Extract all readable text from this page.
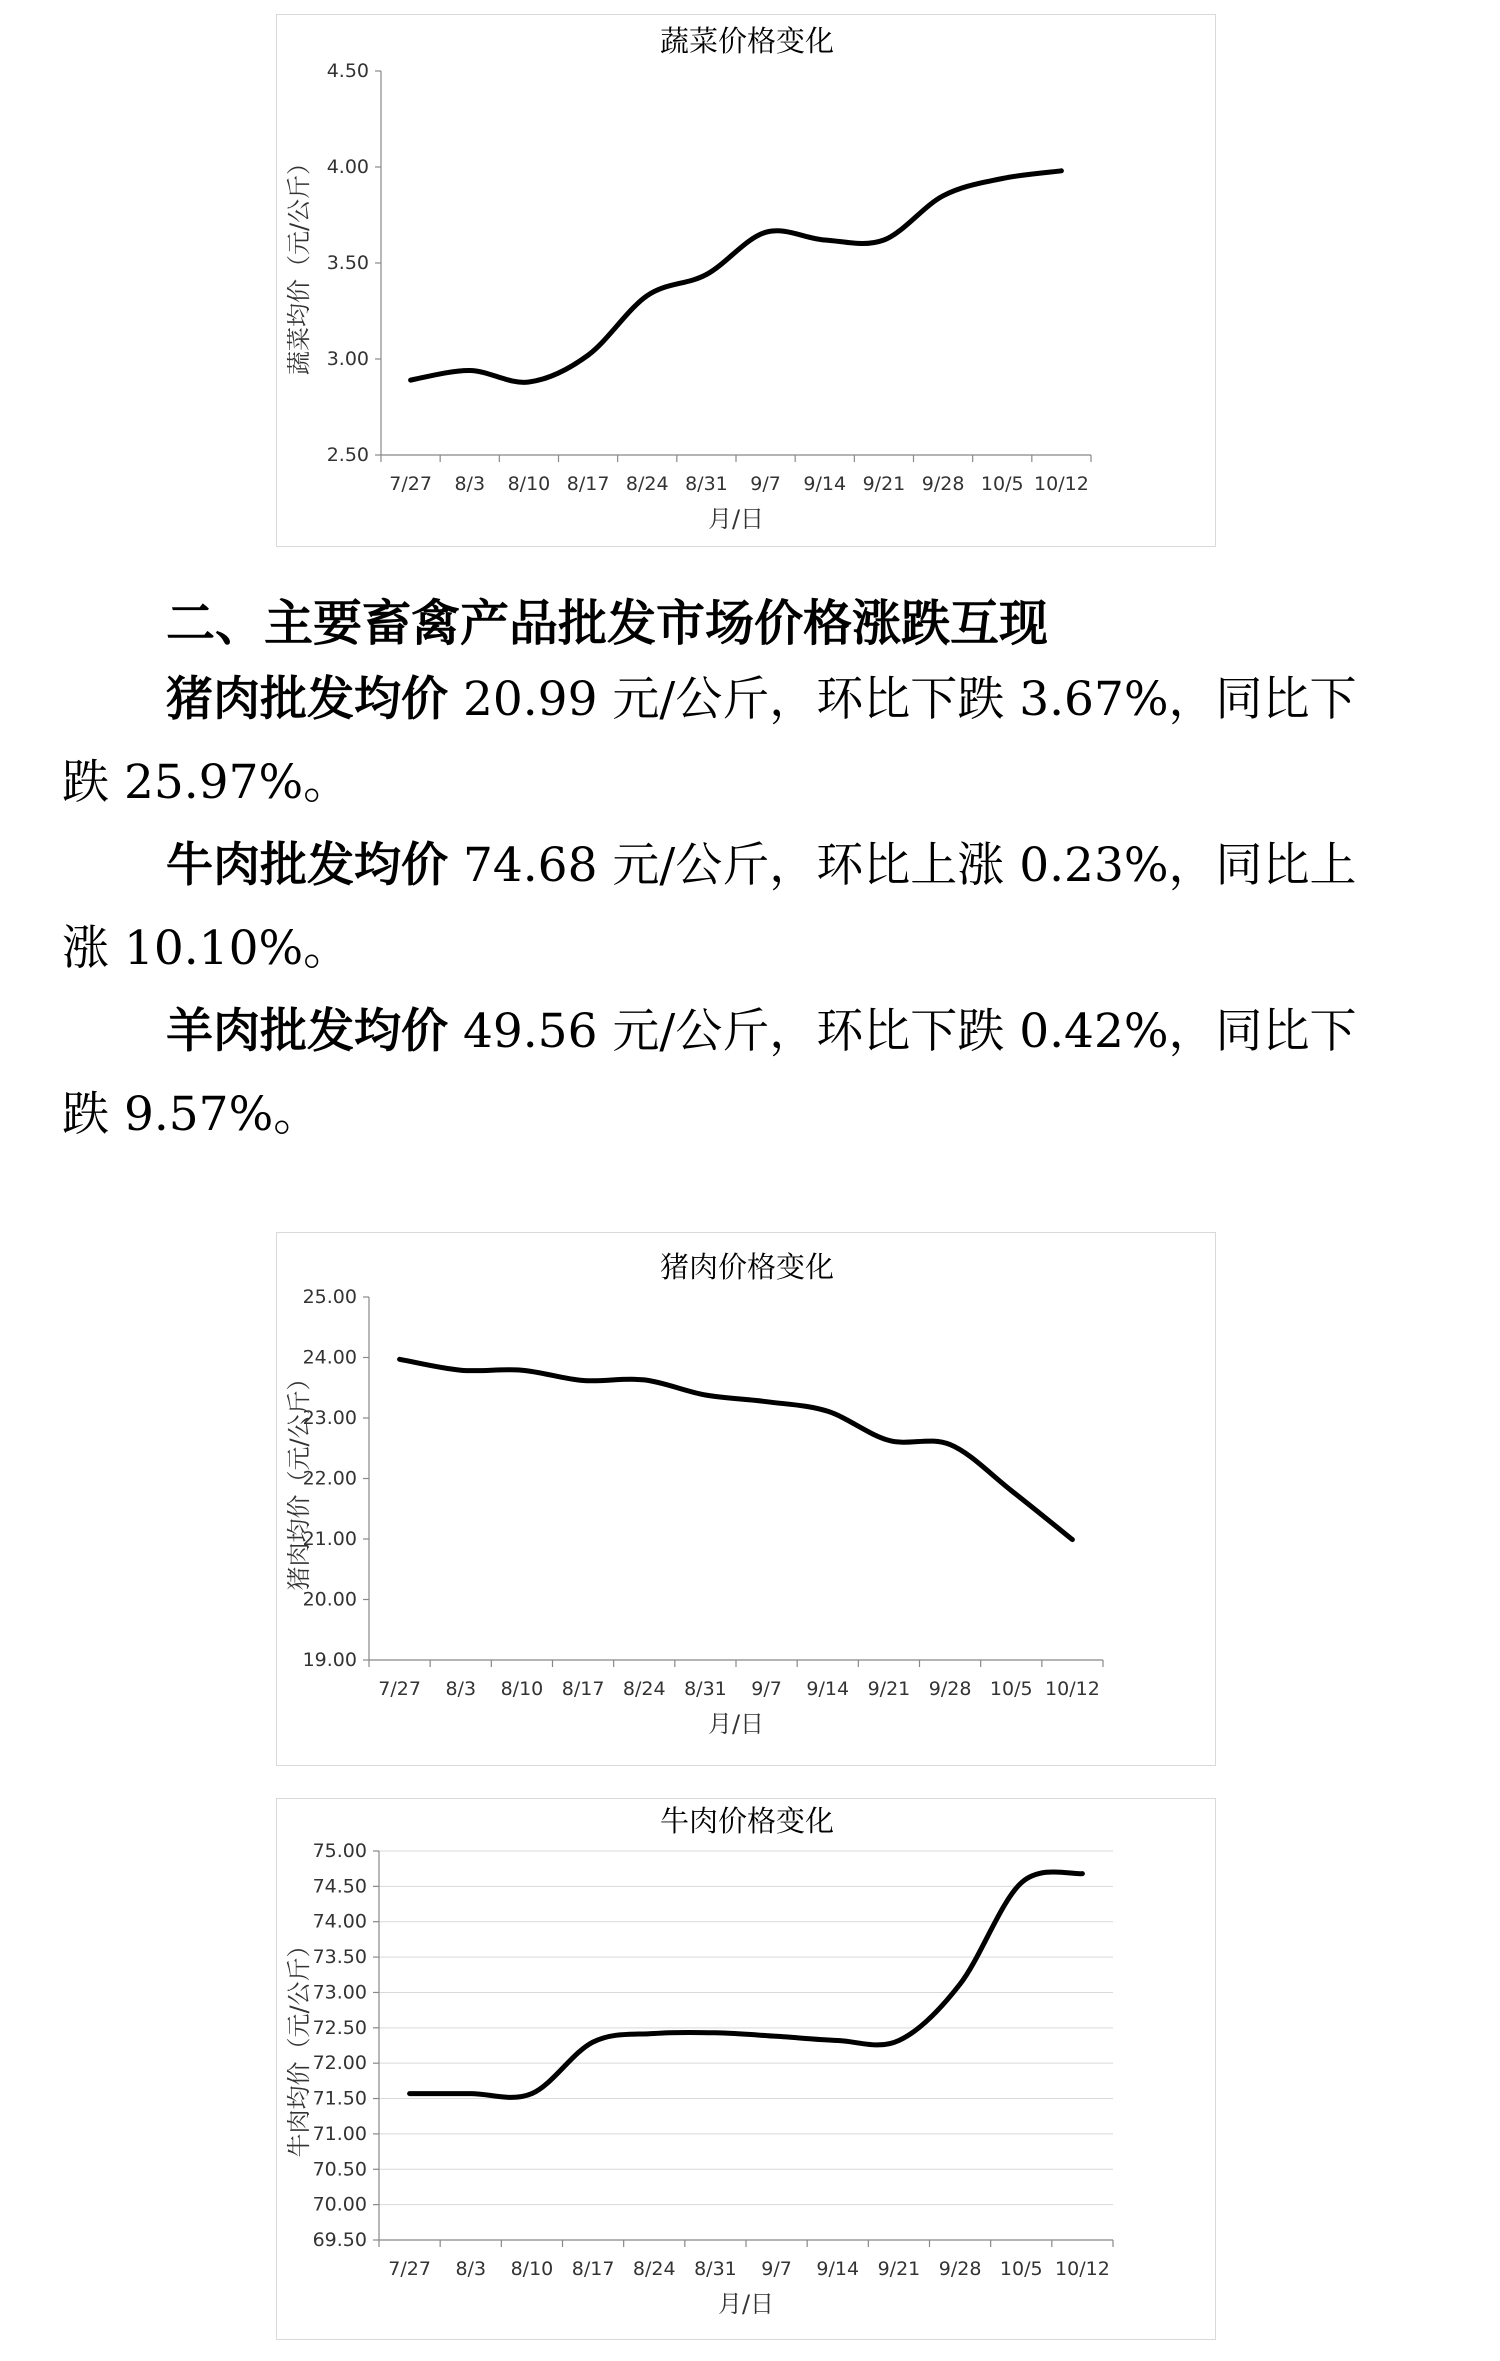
蔬菜价格变化
2.50
3.00
3.50
4.00
4.50
7/27 8/3 8/10 8/17 8/24 8/31 9/7 9/14 9/21 9/28 10/5 10/12
月/日
蔬菜均价（元/公斤）
二、主要畜禽产品批发市场价格涨跌互现
猪肉批发均价 20.99 元/公斤，环比下跌 3.67%，同比下
跌 25.97%。
牛肉批发均价 74.68 元/公斤，环比上涨 0.23%，同比上
涨 10.10%。
羊肉批发均价 49.56 元/公斤，环比下跌 0.42%，同比下
跌 9.57%。
猪肉价格变化
19.00
20.00
21.00
22.00
23.00
24.00
25.00
7/27 8/3 8/10 8/17 8/24 8/31 9/7 9/14 9/21 9/28 10/5 10/12
月/日
猪肉均价（元/公斤）
牛肉价格变化
69.50
70.00
70.50
71.00
71.50
72.00
72.50
73.00
73.50
74.00
74.50
75.00
7/27 8/3 8/10 8/17 8/24 8/31 9/7 9/14 9/21 9/28 10/5 10/12
月/日
牛肉均价（元/公斤）
